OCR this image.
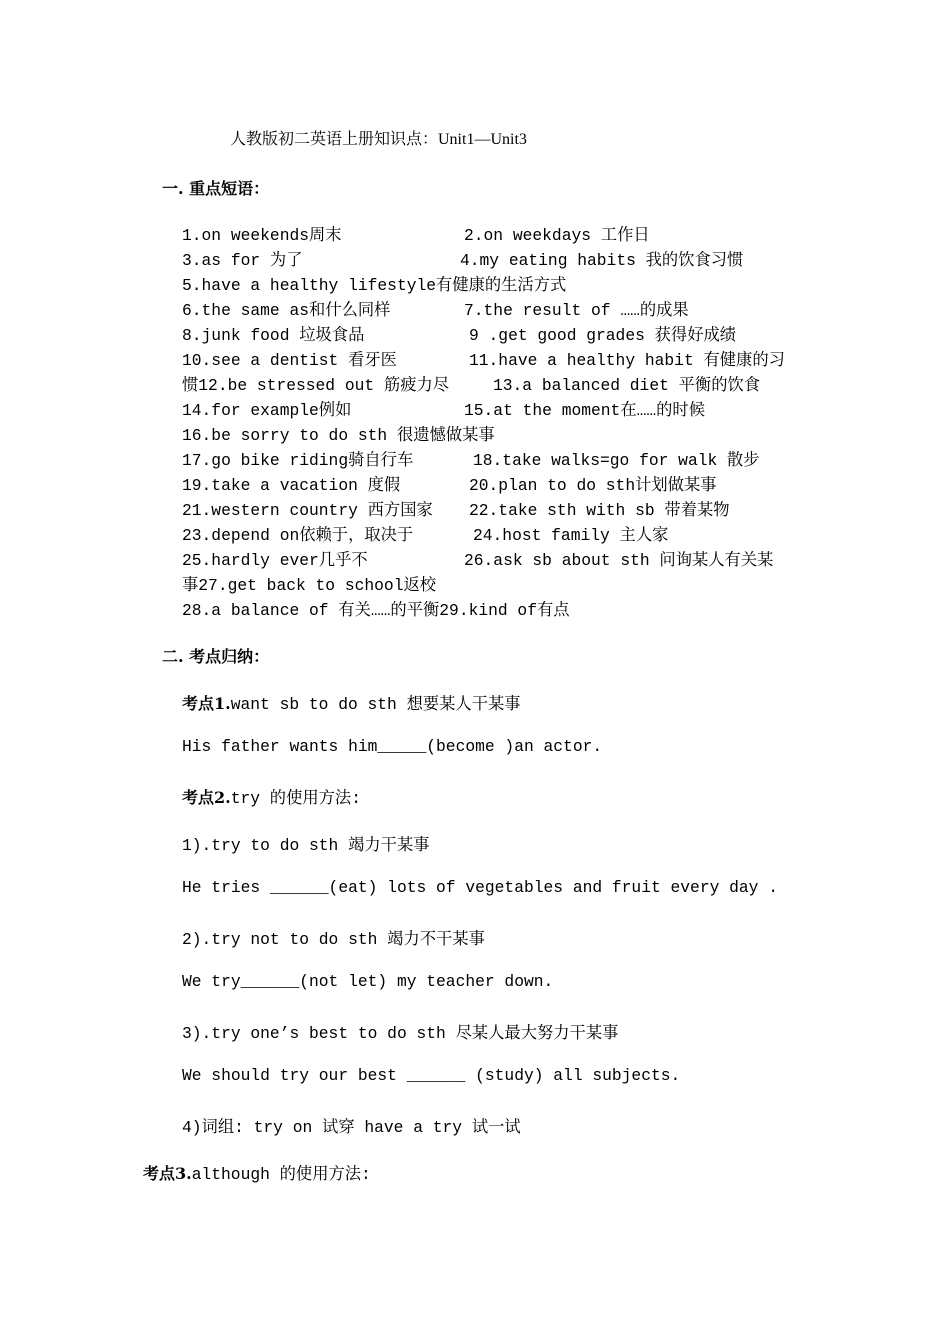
人教版初二英语上册知识点：Unit1—Unit3
一. 重点短语：
1.on weekends周末	2.on weekdays 工作日
3.as for 为了	4.my eating habits 我的饮食习惯
5.have a healthy lifestyle有健康的生活方式
6.the same as和什么同样	7.the result of ……的成果
8.junk food 垃圾食品	9 .get good grades 获得好成绩
10.see a dentist 看牙医	11.have a healthy habit 有健康的习
惯12.be stressed out 筋疲力尽	13.a balanced diet 平衡的饮食
14.for example例如	15.at the moment在……的时候
16.be sorry to do sth 很遗憾做某事
17.go bike riding骑自行车	18.take walks=go for walk 散步
19.take a vacation 度假	20.plan to do sth计划做某事
21.western country 西方国家 22.take sth with sb 带着某物
23.depend on依赖于，取决于	24.host family 主人家
25.hardly ever几乎不	26.ask sb about sth 问询某人有关某
事27.get back to school返校
28.a balance of 有关……的平衡29.kind of有点
二. 考点归纳：
考点1.want sb to do sth 想要某人干某事
His father wants him_____(become )an actor.
考点2.try 的使用方法:
1).try to do sth 竭力干某事
He tries ______(eat) lots of vegetables and fruit every day .
2).try not to do sth 竭力不干某事
We try______(not let) my teacher down.
3).try one’s best to do sth 尽某人最大努力干某事
We should try our best ______ (study) all subjects.
4)词组: try on 试穿 have a try 试一试
考点3.although 的使用方法:
